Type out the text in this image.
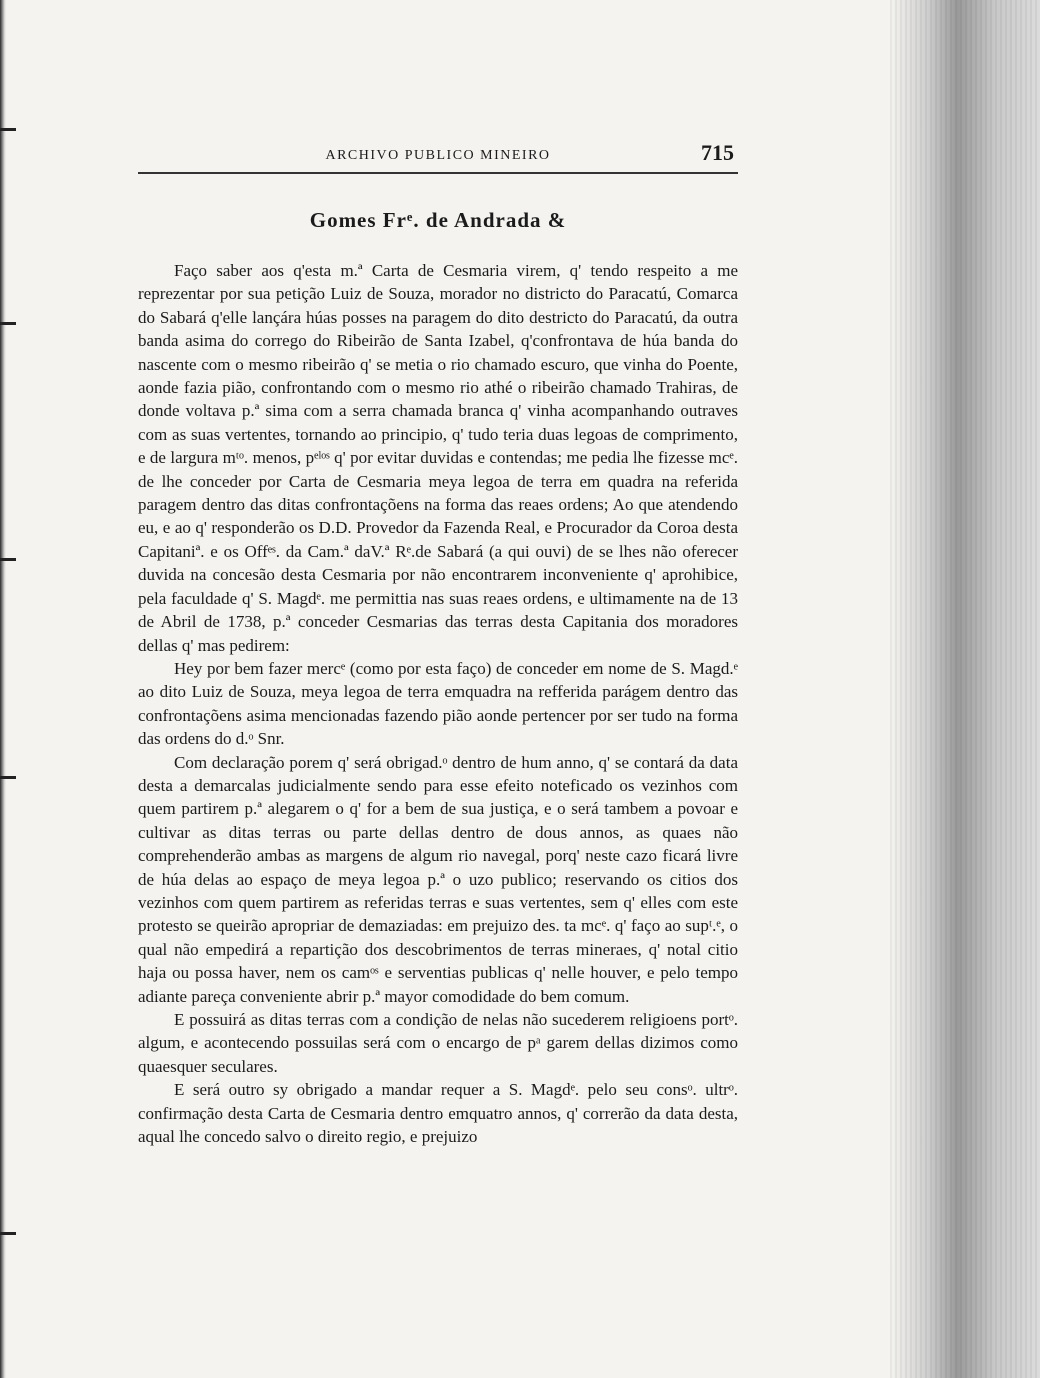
ARCHIVO PUBLICO MINEIRO	715
Gomes Frᵉ. de Andrada &

Faço saber aos q'esta m.ª Carta de Cesmaria virem, q' tendo respeito a me reprezentar por sua petição Luiz de Souza, morador no districto do Paracatú, Comarca do Sabará q'elle lançára húas posses na paragem do dito destricto do Paracatú, da outra banda asima do corrego do Ribeirão de Santa Izabel, q'confrontava de húa banda do nascente com o mesmo ribeirão q' se metia o rio chamado escuro, que vinha do Poente, aonde fazia pião, confrontando com o mesmo rio athé o ribeirão chamado Trahiras, de donde voltava p.ª sima com a serra chamada branca q' vinha acompanhando outraves com as suas vertentes, tornando ao principio, q' tudo teria duas legoas de comprimento, e de largura mᵗᵒ. menos, pᵉˡᵒˢ q' por evitar duvidas e contendas; me pedia lhe fizesse mcᵉ. de lhe conceder por Carta de Cesmaria meya legoa de terra em quadra na referida paragem dentro das ditas confrontaçõens na forma das reaes ordens; Ao que atendendo eu, e ao q' responderão os D.D. Provedor da Fazenda Real, e Procurador da Coroa desta Capitaniª. e os Offᵉˢ. da Cam.ª daV.ª Rᵉ.de Sabará (a qui ouvi) de se lhes não oferecer duvida na concesão desta Cesmaria por não encontrarem inconveniente q' aprohibice, pela faculdade q' S. Magdᵉ. me permittia nas suas reaes ordens, e ultimamente na de 13 de Abril de 1738, p.ª conceder Cesmarias das terras desta Capitania dos moradores dellas q' mas pedirem:

Hey por bem fazer mercᵉ (como por esta faço) de conceder em nome de S. Magd.ᵉ ao dito Luiz de Souza, meya legoa de terra emquadra na refferida parágem dentro das confrontaçõens asima mencionadas fazendo pião aonde pertencer por ser tudo na forma das ordens do d.ᵒ Snr.

Com declaração porem q' será obrigad.ᵒ dentro de hum anno, q' se contará da data desta a demarcalas judicialmente sendo para esse efeito noteficado os vezinhos com quem partirem p.ª alegarem o q' for a bem de sua justiça, e o será tambem a povoar e cultivar as ditas terras ou parte dellas dentro de dous annos, as quaes não comprehenderão ambas as margens de algum rio navegal, porq' neste cazo ficará livre de húa delas ao espaço de meya legoa p.ª o uzo publico; reservando os citios dos vezinhos com quem partirem as referidas terras e suas vertentes, sem q' elles com este protesto se queirão apropriar de demaziadas: em prejuizo des. ta mcᵉ. q' faço ao supᵗ.ᵉ, o qual não empedirá a repartição dos descobrimentos de terras mineraes, q' notal citio haja ou possa haver, nem os camᵒˢ e serventias publicas q' nelle houver, e pelo tempo adiante pareça conveniente abrir p.ª mayor comodidade do bem comum.

E possuirá as ditas terras com a condição de nelas não sucederem religioens portᵒ. algum, e acontecendo possuilas será com o encargo de pᵃ garem dellas dizimos como quaesquer seculares.

E será outro sy obrigado a mandar requer a S. Magdᵉ. pelo seu consᵒ. ultrᵒ. confirmação desta Carta de Cesmaria dentro emquatro annos, q' correrão da data desta, aqual lhe concedo salvo o direito regio, e prejuizo
